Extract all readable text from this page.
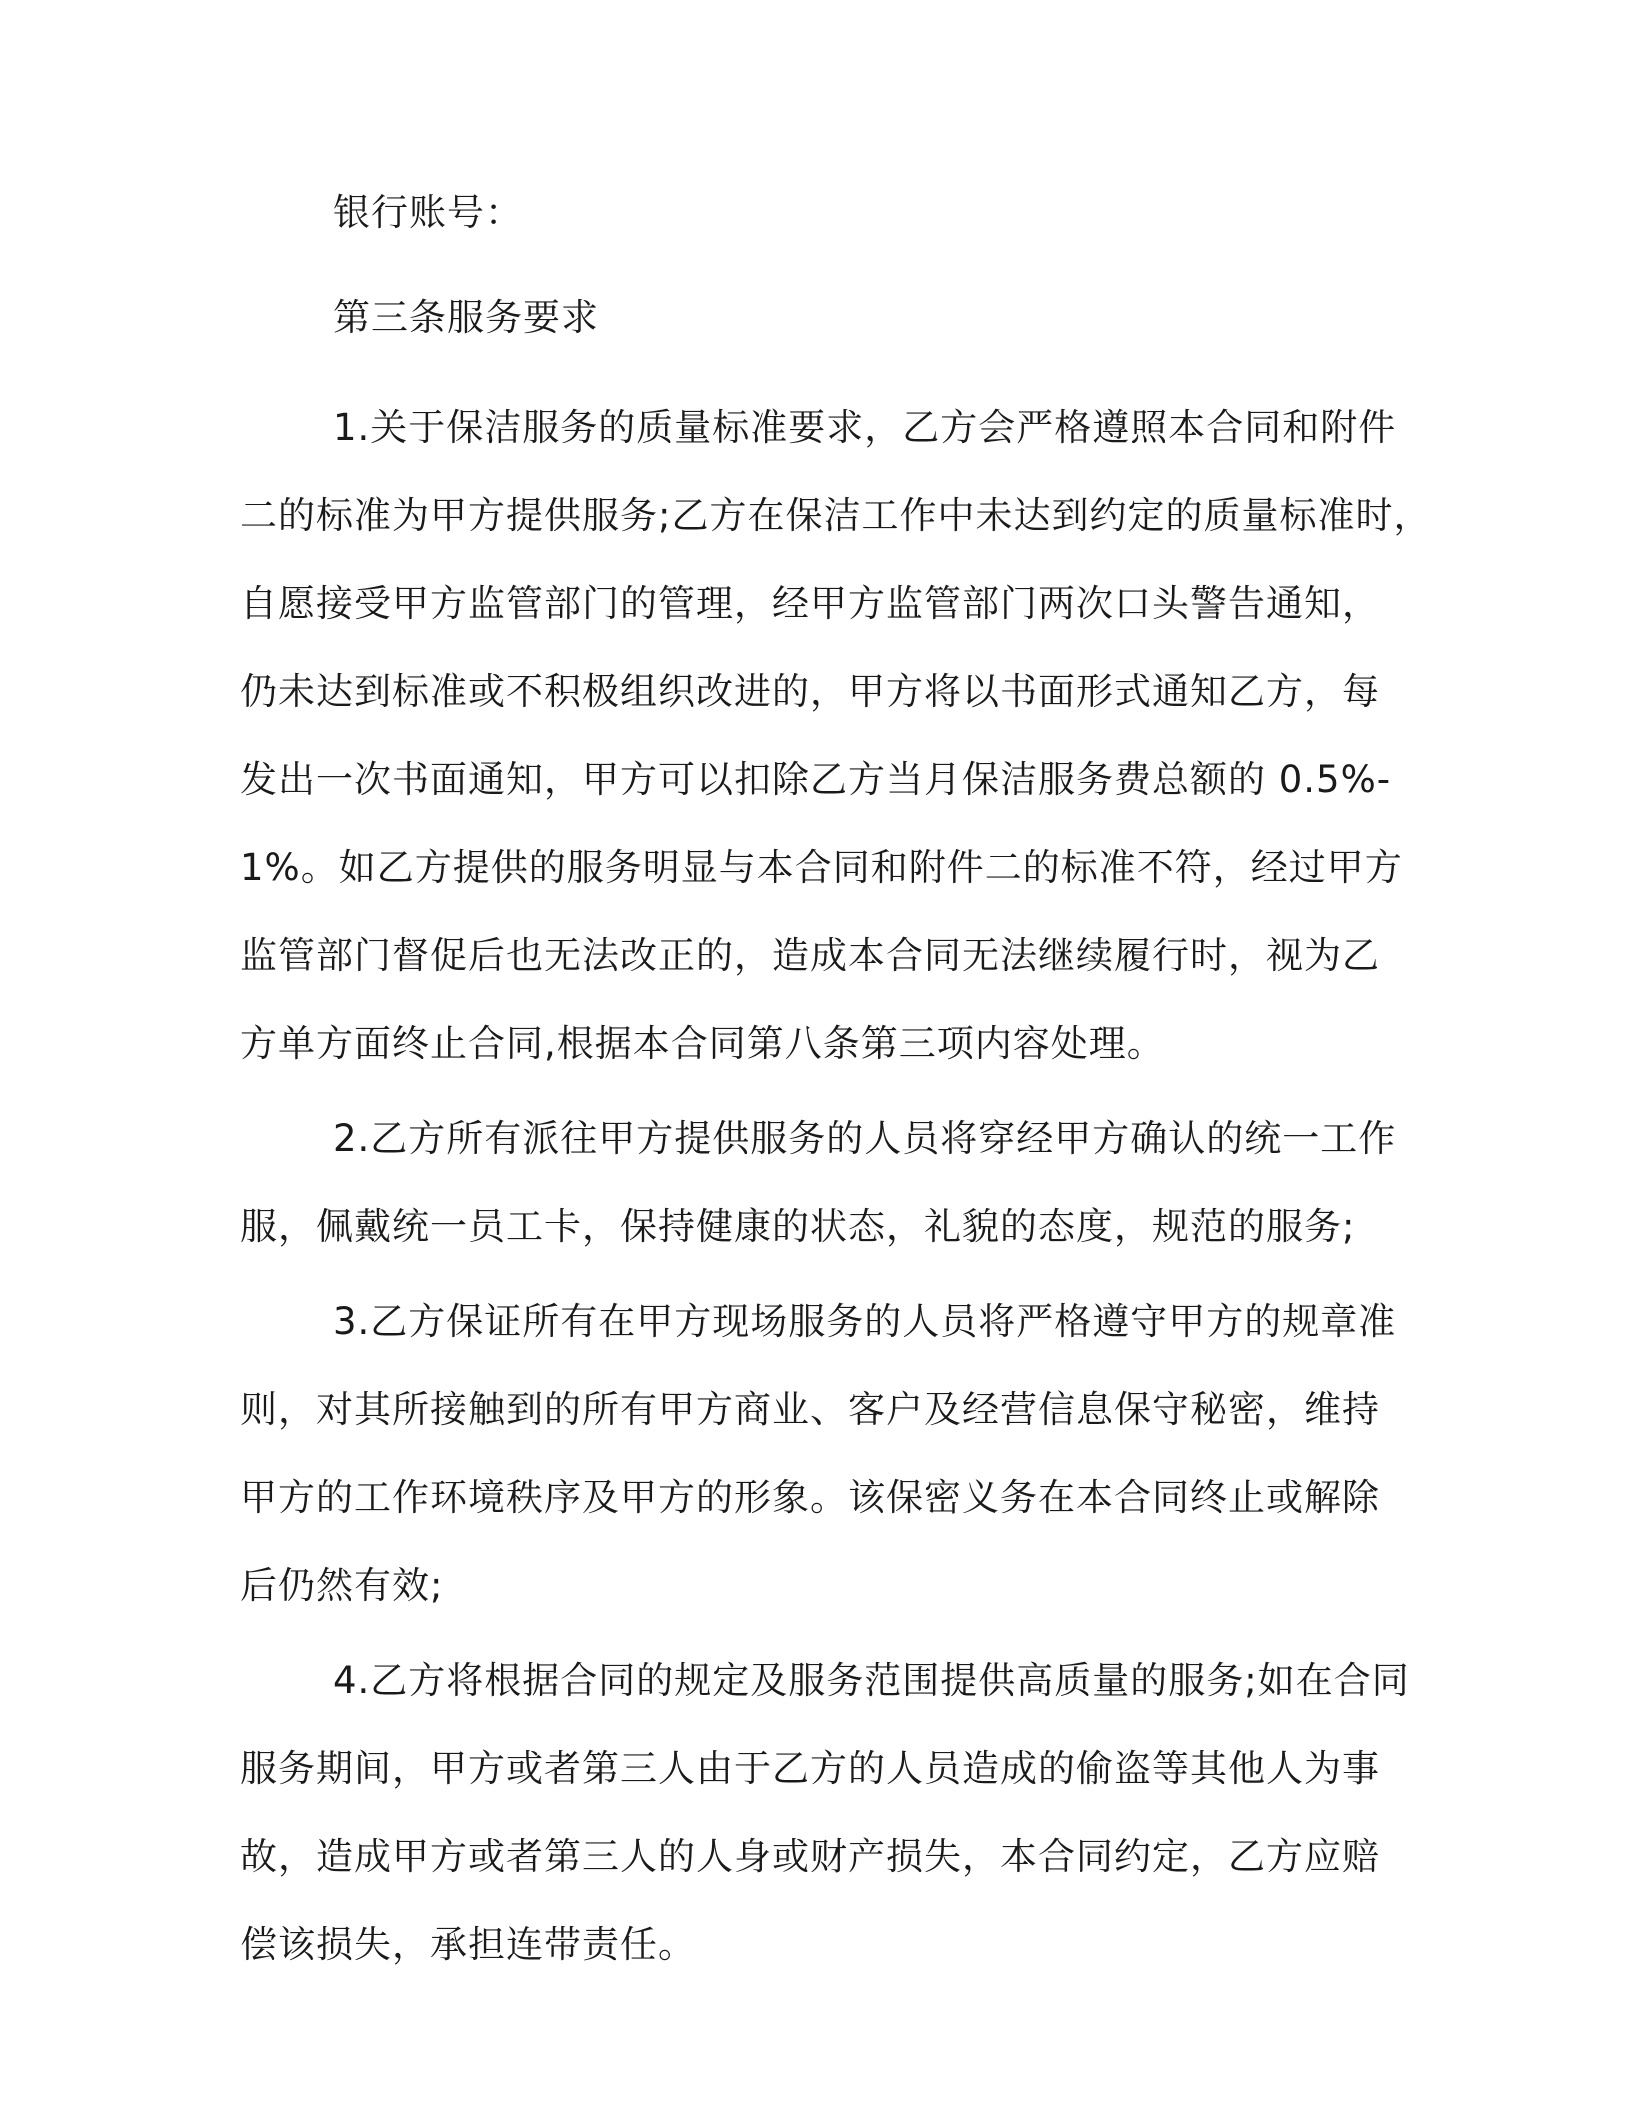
银行账号：
第三条服务要求
1.关于保洁服务的质量标准要求，乙方会严格遵照本合同和附件
二的标准为甲方提供服务;乙方在保洁工作中未达到约定的质量标准时，
自愿接受甲方监管部门的管理，经甲方监管部门两次口头警告通知，
仍未达到标准或不积极组织改进的，甲方将以书面形式通知乙方，每
发出一次书面通知，甲方可以扣除乙方当月保洁服务费总额的 0.5%-
1%。如乙方提供的服务明显与本合同和附件二的标准不符，经过甲方
监管部门督促后也无法改正的，造成本合同无法继续履行时，视为乙
方单方面终止合同,根据本合同第八条第三项内容处理。
2.乙方所有派往甲方提供服务的人员将穿经甲方确认的统一工作
服，佩戴统一员工卡，保持健康的状态，礼貌的态度，规范的服务;
3.乙方保证所有在甲方现场服务的人员将严格遵守甲方的规章准
则，对其所接触到的所有甲方商业、客户及经营信息保守秘密，维持
甲方的工作环境秩序及甲方的形象。该保密义务在本合同终止或解除
后仍然有效;
4.乙方将根据合同的规定及服务范围提供高质量的服务;如在合同
服务期间，甲方或者第三人由于乙方的人员造成的偷盗等其他人为事
故，造成甲方或者第三人的人身或财产损失，本合同约定，乙方应赔
偿该损失，承担连带责任。
